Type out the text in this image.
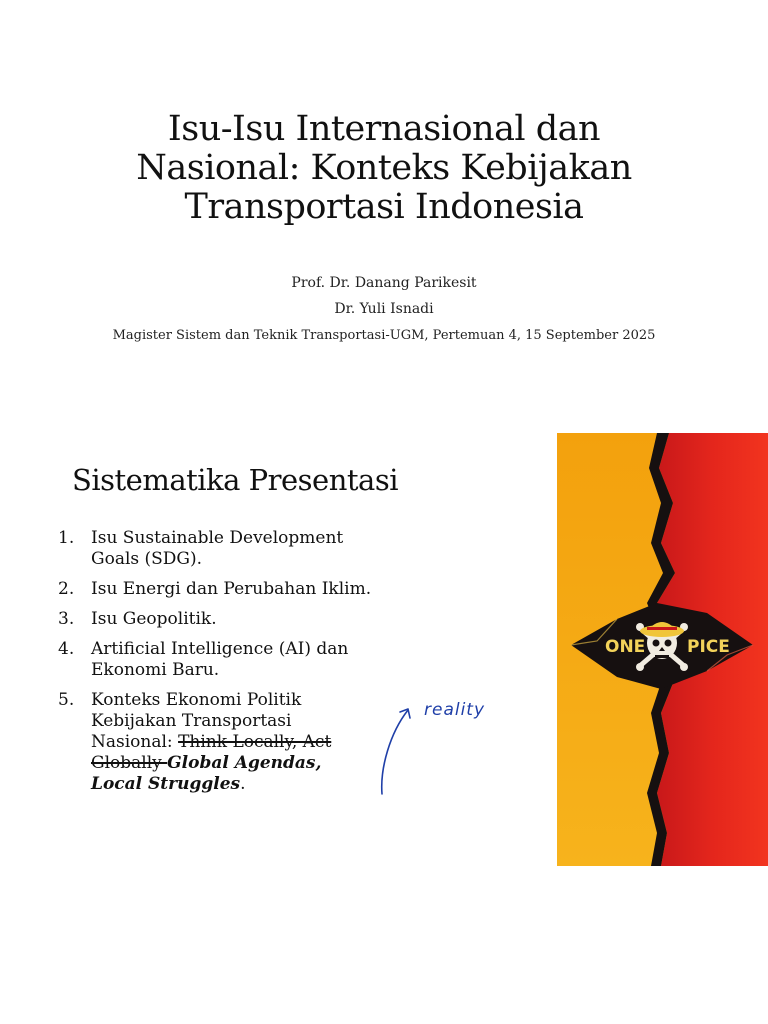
Isu-Isu Internasional dan
Nasional: Konteks Kebijakan
Transportasi Indonesia
Prof. Dr. Danang Parikesit
Dr. Yuli Isnadi
Magister Sistem dan Teknik Transportasi-UGM, Pertemuan 4, 15 September 2025
Sistematika Presentasi
1. Isu Sustainable Development Goals (SDG).
2. Isu Energi dan Perubahan Iklim.
3. Isu Geopolitik.
4. Artificial Intelligence (AI) dan Ekonomi Baru.
5. Konteks Ekonomi Politik Kebijakan Transportasi Nasional: Think Locally, Act Globally Global Agendas, Local Struggles.
reality
ONE PICE
